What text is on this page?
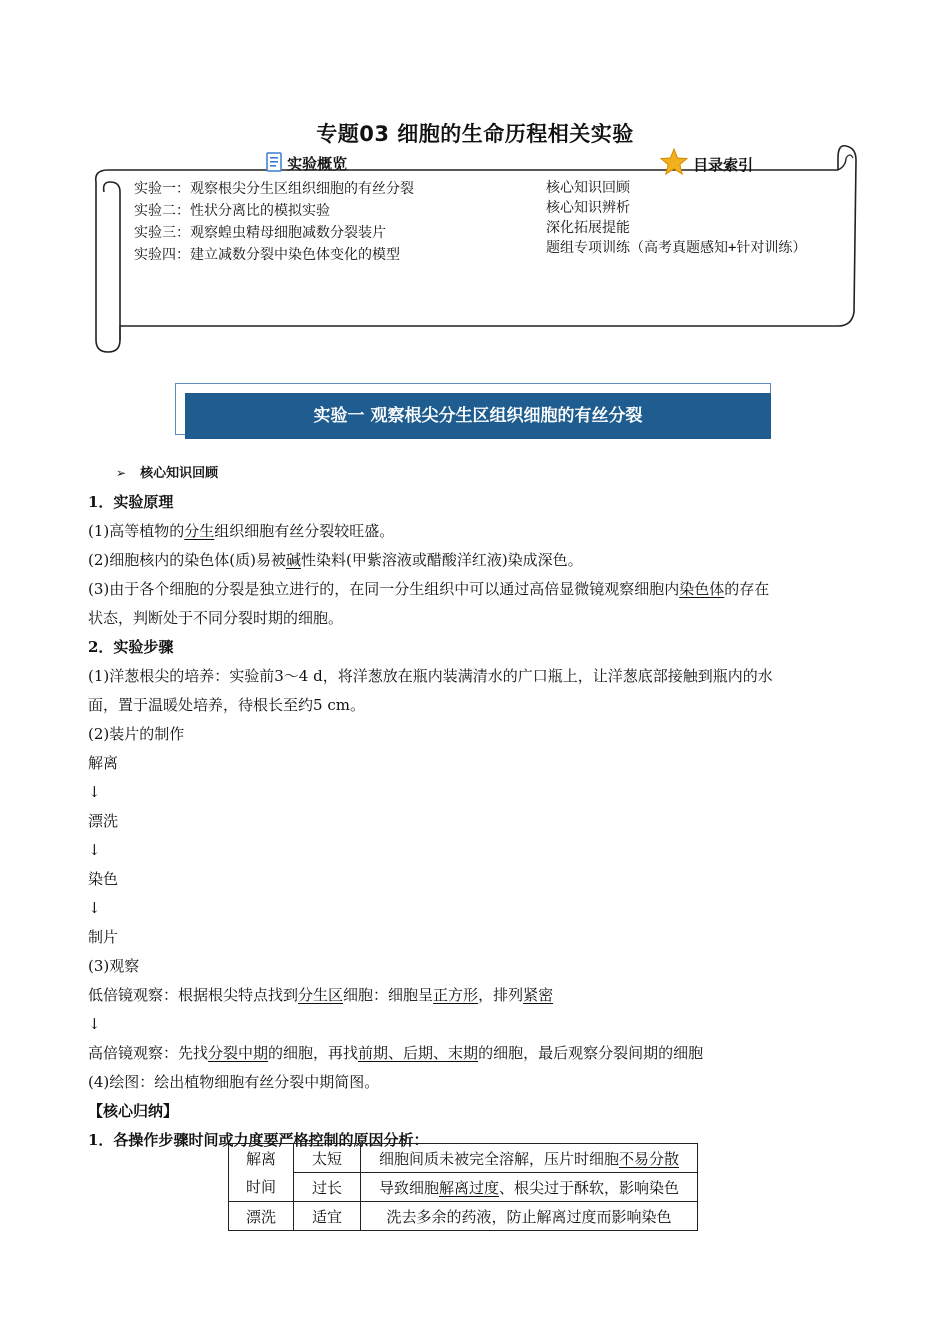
专题03 细胞的生命历程相关实验
实验概览	目录索引
实验一：观察根尖分生区组织细胞的有丝分裂
实验二：性状分离比的模拟实验
实验三：观察蝗虫精母细胞减数分裂装片
实验四：建立减数分裂中染色体变化的模型
核心知识回顾
核心知识辨析
深化拓展提能
题组专项训练（高考真题感知+针对训练）
实验一 观察根尖分生区组织细胞的有丝分裂
➢ 核心知识回顾
1．实验原理
(1)高等植物的分生组织细胞有丝分裂较旺盛。
(2)细胞核内的染色体(质)易被碱性染料(甲紫溶液或醋酸洋红液)染成深色。
(3)由于各个细胞的分裂是独立进行的，在同一分生组织中可以通过高倍显微镜观察细胞内染色体的存在
状态，判断处于不同分裂时期的细胞。
2．实验步骤
(1)洋葱根尖的培养：实验前3～4 d，将洋葱放在瓶内装满清水的广口瓶上，让洋葱底部接触到瓶内的水
面，置于温暖处培养，待根长至约5 cm。
(2)装片的制作
解离
↓
漂洗
↓
染色
↓
制片
(3)观察
低倍镜观察：根据根尖特点找到分生区细胞：细胞呈正方形，排列紧密
↓
高倍镜观察：先找分裂中期的细胞，再找前期、后期、末期的细胞，最后观察分裂间期的细胞
(4)绘图：绘出植物细胞有丝分裂中期简图。
【核心归纳】
1．各操作步骤时间或力度要严格控制的原因分析：
解离	太短	细胞间质未被完全溶解，压片时细胞不易分散
时间	过长	导致细胞解离过度、根尖过于酥软，影响染色
漂洗	适宜	洗去多余的药液，防止解离过度而影响染色
